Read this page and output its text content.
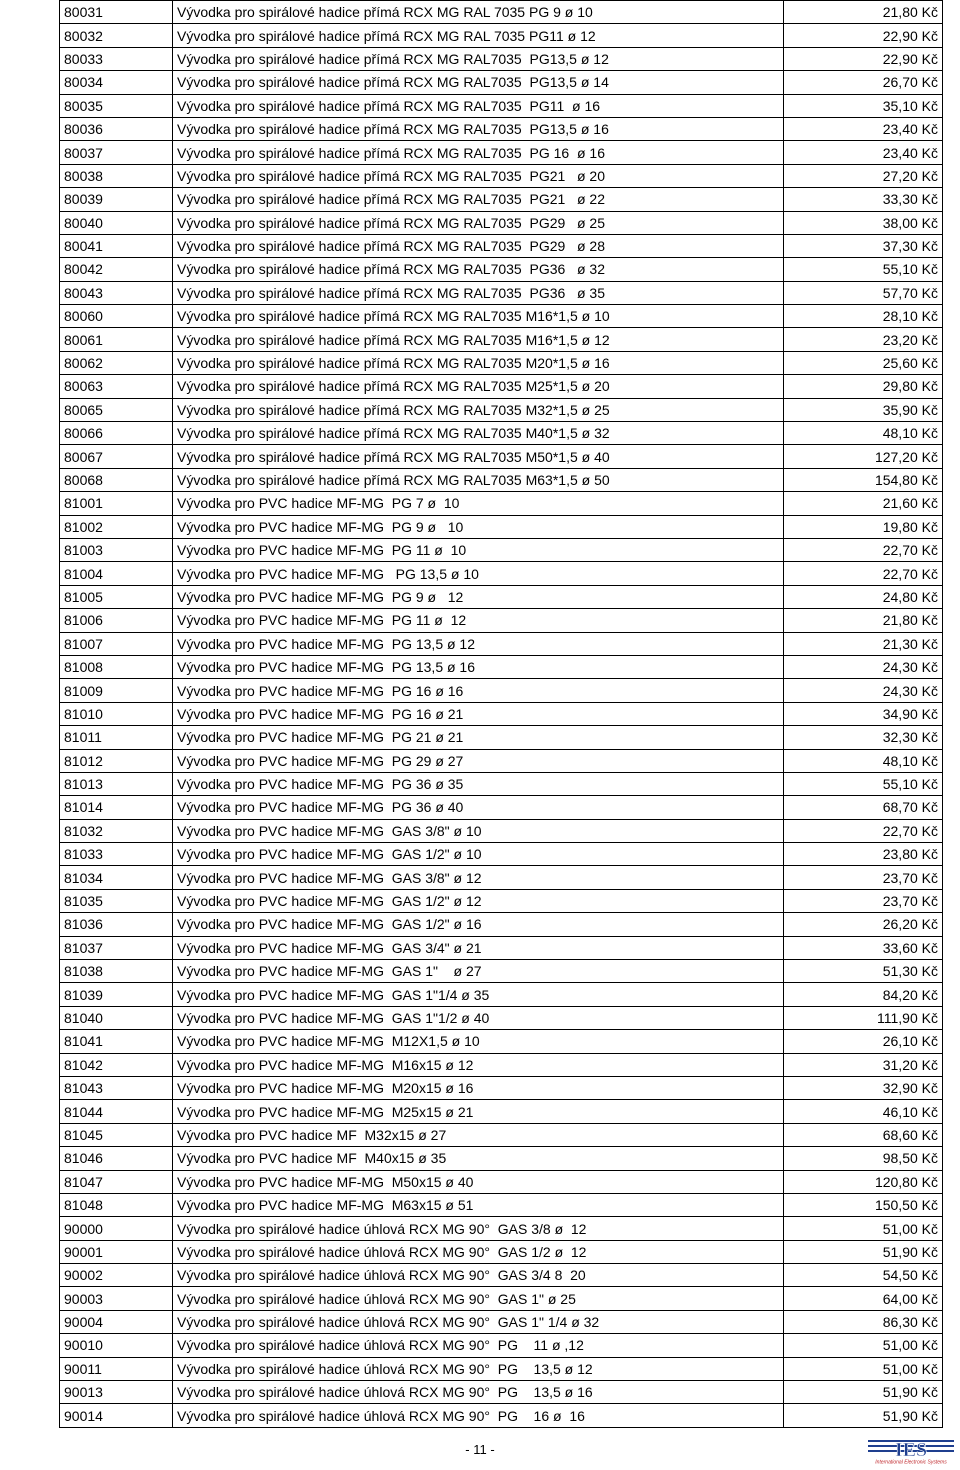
80031	Vývodka pro spirálové hadice přímá RCX MG RAL 7035 PG 9 ø 10	21,80 Kč
80032	Vývodka pro spirálové hadice přímá RCX MG RAL 7035 PG11 ø 12	22,90 Kč
80033	Vývodka pro spirálové hadice přímá RCX MG RAL7035  PG13,5 ø 12	22,90 Kč
80034	Vývodka pro spirálové hadice přímá RCX MG RAL7035  PG13,5 ø 14	26,70 Kč
80035	Vývodka pro spirálové hadice přímá RCX MG RAL7035  PG11  ø 16	35,10 Kč
80036	Vývodka pro spirálové hadice přímá RCX MG RAL7035  PG13,5 ø 16	23,40 Kč
80037	Vývodka pro spirálové hadice přímá RCX MG RAL7035  PG 16  ø 16	23,40 Kč
80038	Vývodka pro spirálové hadice přímá RCX MG RAL7035  PG21   ø 20	27,20 Kč
80039	Vývodka pro spirálové hadice přímá RCX MG RAL7035  PG21   ø 22	33,30 Kč
80040	Vývodka pro spirálové hadice přímá RCX MG RAL7035  PG29   ø 25	38,00 Kč
80041	Vývodka pro spirálové hadice přímá RCX MG RAL7035  PG29   ø 28	37,30 Kč
80042	Vývodka pro spirálové hadice přímá RCX MG RAL7035  PG36   ø 32	55,10 Kč
80043	Vývodka pro spirálové hadice přímá RCX MG RAL7035  PG36   ø 35	57,70 Kč
80060	Vývodka pro spirálové hadice přímá RCX MG RAL7035 M16*1,5 ø 10	28,10 Kč
80061	Vývodka pro spirálové hadice přímá RCX MG RAL7035 M16*1,5 ø 12	23,20 Kč
80062	Vývodka pro spirálové hadice přímá RCX MG RAL7035 M20*1,5 ø 16	25,60 Kč
80063	Vývodka pro spirálové hadice přímá RCX MG RAL7035 M25*1,5 ø 20	29,80 Kč
80065	Vývodka pro spirálové hadice přímá RCX MG RAL7035 M32*1,5 ø 25	35,90 Kč
80066	Vývodka pro spirálové hadice přímá RCX MG RAL7035 M40*1,5 ø 32	48,10 Kč
80067	Vývodka pro spirálové hadice přímá RCX MG RAL7035 M50*1,5 ø 40	127,20 Kč
80068	Vývodka pro spirálové hadice přímá RCX MG RAL7035 M63*1,5 ø 50	154,80 Kč
81001	Vývodka pro PVC hadice MF-MG  PG 7 ø  10	21,60 Kč
81002	Vývodka pro PVC hadice MF-MG  PG 9 ø   10	19,80 Kč
81003	Vývodka pro PVC hadice MF-MG  PG 11 ø  10	22,70 Kč
81004	Vývodka pro PVC hadice MF-MG   PG 13,5 ø 10	22,70 Kč
81005	Vývodka pro PVC hadice MF-MG  PG 9 ø   12	24,80 Kč
81006	Vývodka pro PVC hadice MF-MG  PG 11 ø  12	21,80 Kč
81007	Vývodka pro PVC hadice MF-MG  PG 13,5 ø 12	21,30 Kč
81008	Vývodka pro PVC hadice MF-MG  PG 13,5 ø 16	24,30 Kč
81009	Vývodka pro PVC hadice MF-MG  PG 16 ø 16	24,30 Kč
81010	Vývodka pro PVC hadice MF-MG  PG 16 ø 21	34,90 Kč
81011	Vývodka pro PVC hadice MF-MG  PG 21 ø 21	32,30 Kč
81012	Vývodka pro PVC hadice MF-MG  PG 29 ø 27	48,10 Kč
81013	Vývodka pro PVC hadice MF-MG  PG 36 ø 35	55,10 Kč
81014	Vývodka pro PVC hadice MF-MG  PG 36 ø 40	68,70 Kč
81032	Vývodka pro PVC hadice MF-MG  GAS 3/8" ø 10	22,70 Kč
81033	Vývodka pro PVC hadice MF-MG  GAS 1/2" ø 10	23,80 Kč
81034	Vývodka pro PVC hadice MF-MG  GAS 3/8" ø 12	23,70 Kč
81035	Vývodka pro PVC hadice MF-MG  GAS 1/2" ø 12	23,70 Kč
81036	Vývodka pro PVC hadice MF-MG  GAS 1/2" ø 16	26,20 Kč
81037	Vývodka pro PVC hadice MF-MG  GAS 3/4" ø 21	33,60 Kč
81038	Vývodka pro PVC hadice MF-MG  GAS 1"    ø 27	51,30 Kč
81039	Vývodka pro PVC hadice MF-MG  GAS 1"1/4 ø 35	84,20 Kč
81040	Vývodka pro PVC hadice MF-MG  GAS 1"1/2 ø 40	111,90 Kč
81041	Vývodka pro PVC hadice MF-MG  M12X1,5 ø 10	26,10 Kč
81042	Vývodka pro PVC hadice MF-MG  M16x15 ø 12	31,20 Kč
81043	Vývodka pro PVC hadice MF-MG  M20x15 ø 16	32,90 Kč
81044	Vývodka pro PVC hadice MF-MG  M25x15 ø 21	46,10 Kč
81045	Vývodka pro PVC hadice MF  M32x15 ø 27	68,60 Kč
81046	Vývodka pro PVC hadice MF  M40x15 ø 35	98,50 Kč
81047	Vývodka pro PVC hadice MF-MG  M50x15 ø 40	120,80 Kč
81048	Vývodka pro PVC hadice MF-MG  M63x15 ø 51	150,50 Kč
90000	Vývodka pro spirálové hadice úhlová RCX MG 90°  GAS 3/8 ø  12	51,00 Kč
90001	Vývodka pro spirálové hadice úhlová RCX MG 90°  GAS 1/2 ø  12	51,90 Kč
90002	Vývodka pro spirálové hadice úhlová RCX MG 90°  GAS 3/4 8  20	54,50 Kč
90003	Vývodka pro spirálové hadice úhlová RCX MG 90°  GAS 1" ø 25	64,00 Kč
90004	Vývodka pro spirálové hadice úhlová RCX MG 90°  GAS 1" 1/4 ø 32	86,30 Kč
90010	Vývodka pro spirálové hadice úhlová RCX MG 90°  PG    11 ø ,12	51,00 Kč
90011	Vývodka pro spirálové hadice úhlová RCX MG 90°  PG    13,5 ø 12	51,00 Kč
90013	Vývodka pro spirálové hadice úhlová RCX MG 90°  PG    13,5 ø 16	51,90 Kč
90014	Vývodka pro spirálové hadice úhlová RCX MG 90°  PG    16 ø  16	51,90 Kč
- 11 -	IES
International Electronic Systems
